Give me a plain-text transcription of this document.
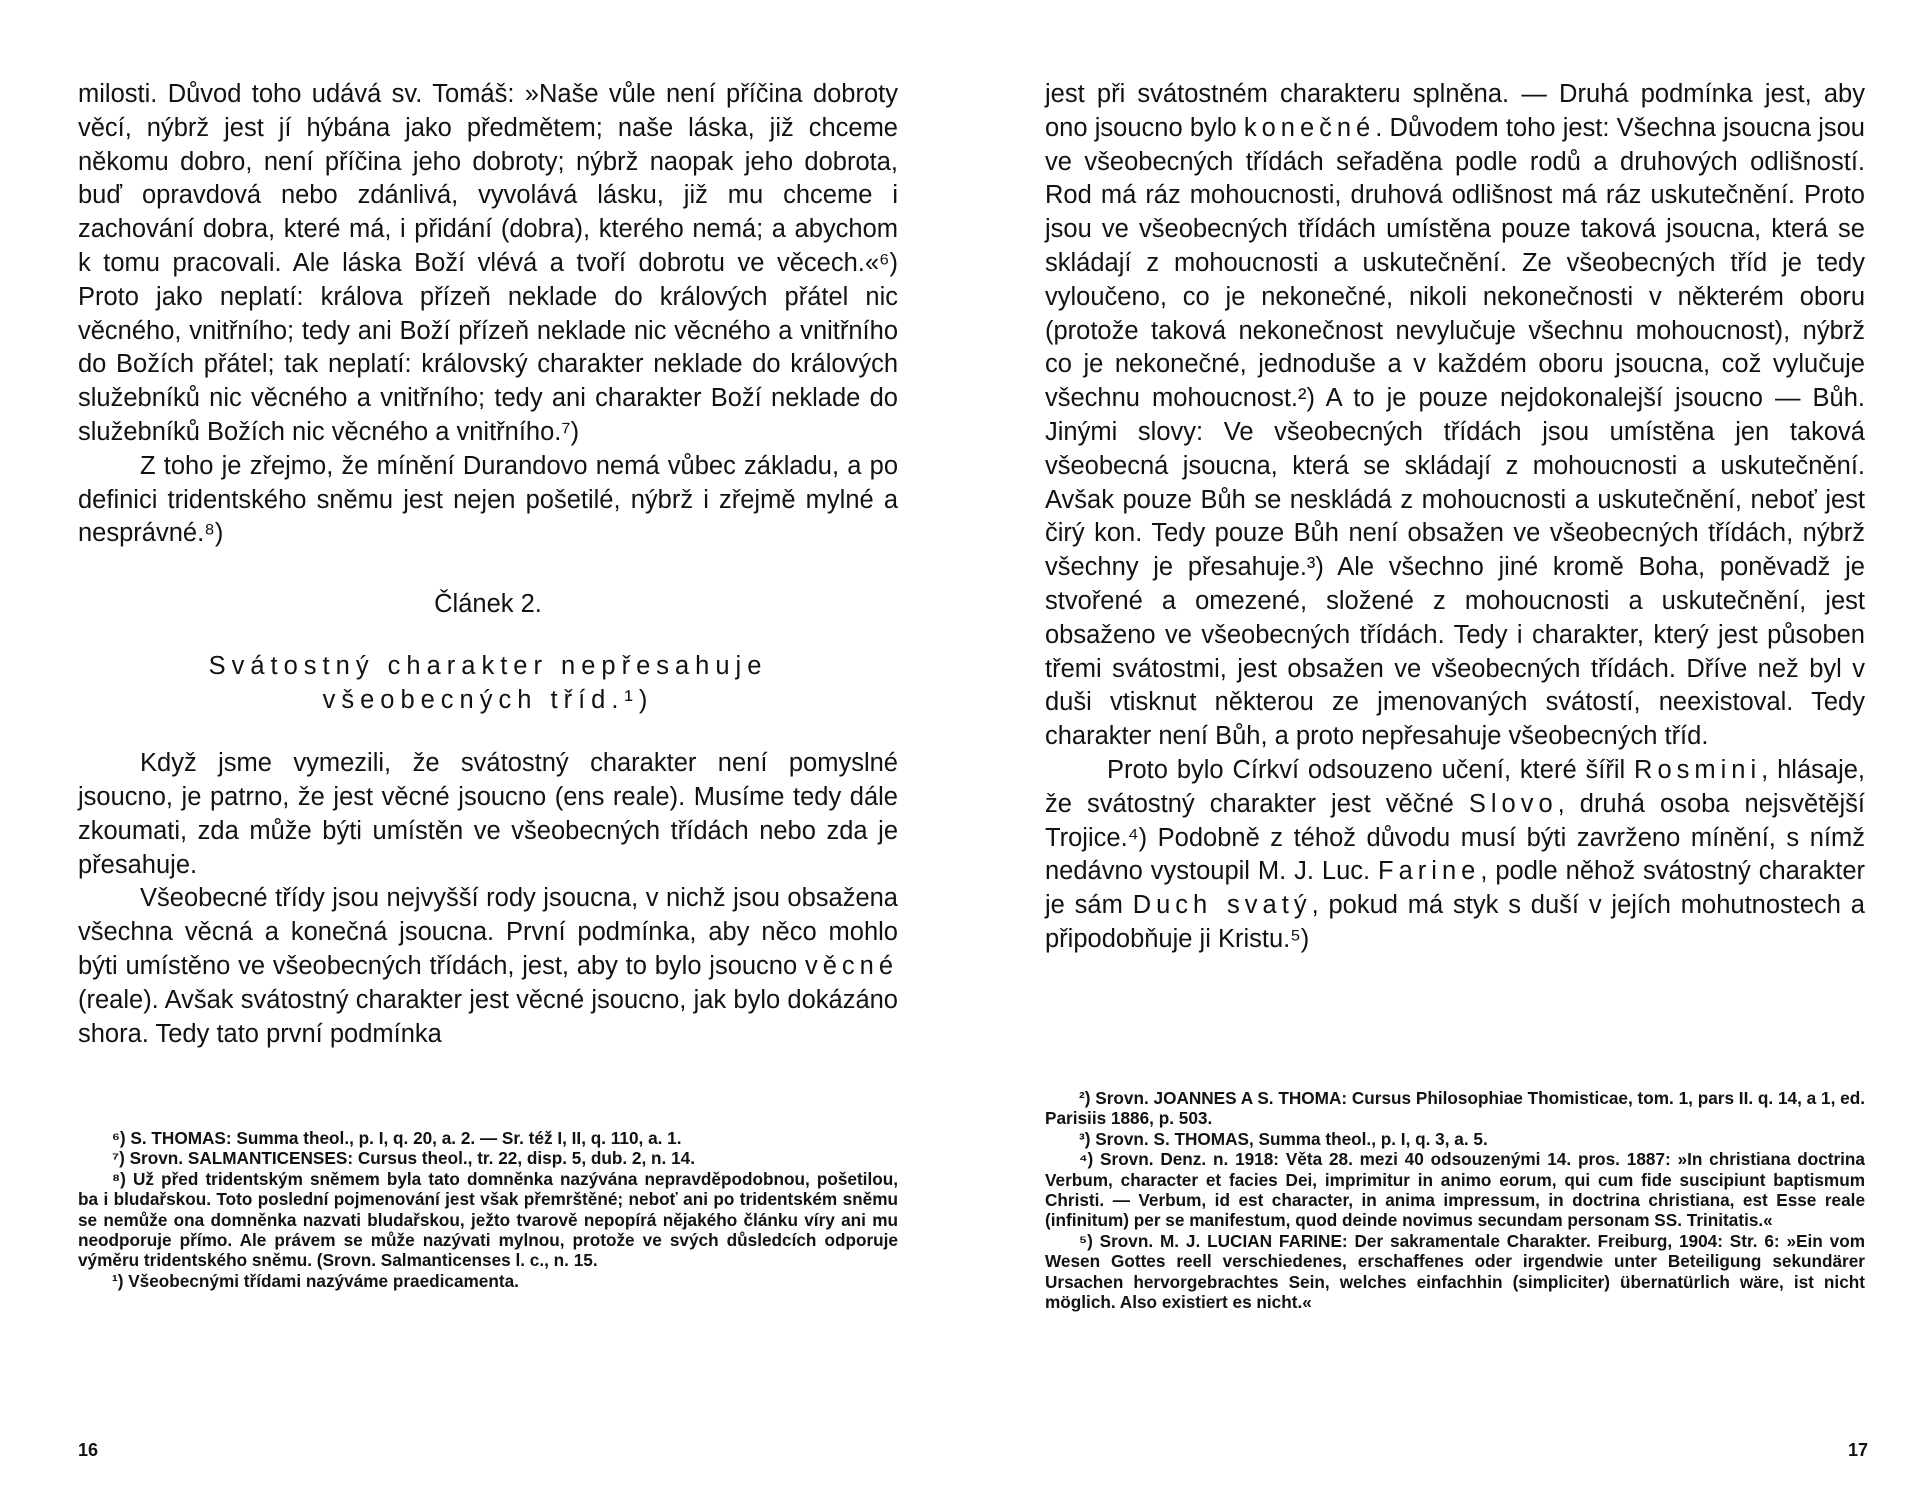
milosti. Důvod toho udává sv. Tomáš: »Naše vůle není příčina dobroty věcí, nýbrž jest jí hýbána jako předmětem; naše láska, již chceme někomu dobro, není příčina jeho dobroty; nýbrž naopak jeho dobrota, buď opravdová nebo zdánlivá, vyvolává lásku, již mu chceme i zachování dobra, které má, i přidání (dobra), kterého nemá; a abychom k tomu pracovali. Ale láska Boží vlévá a tvoří dobrotu ve věcech.«⁶) Proto jako neplatí: králova přízeň neklade do králových přátel nic věcného, vnitřního; tedy ani Boží přízeň neklade nic věcného a vnitřního do Božích přátel; tak neplatí: královský charakter neklade do králových služebníků nic věcného a vnitřního; tedy ani charakter Boží neklade do služebníků Božích nic věcného a vnitřního.⁷)

Z toho je zřejmo, že mínění Durandovo nemá vůbec základu, a po definici tridentského sněmu jest nejen pošetilé, nýbrž i zřejmě mylné a nesprávné.⁸)

Článek 2.
Svátostný charakter nepřesahuje
všeobecných tříd.¹)

Když jsme vymezili, že svátostný charakter není pomyslné jsoucno, je patrno, že jest věcné jsoucno (ens reale). Musíme tedy dále zkoumati, zda může býti umístěn ve všeobecných třídách nebo zda je přesahuje.

Všeobecné třídy jsou nejvyšší rody jsoucna, v nichž jsou obsažena všechna věcná a konečná jsoucna. První podmínka, aby něco mohlo býti umístěno ve všeobecných třídách, jest, aby to bylo jsoucno věcné (reale). Avšak svátostný charakter jest věcné jsoucno, jak bylo dokázáno shora. Tedy tato první podmínka

⁶) S. THOMAS: Summa theol., p. I, q. 20, a. 2. — Sr. též I, II, q. 110, a. 1.

⁷) Srovn. SALMANTICENSES: Cursus theol., tr. 22, disp. 5, dub. 2, n. 14.

⁸) Už před tridentským sněmem byla tato domněnka nazývána nepravděpodobnou, pošetilou, ba i bludařskou. Toto poslední pojmenování jest však přemrštěné; neboť ani po tridentském sněmu se nemůže ona domněnka nazvati bludařskou, ježto tvarově nepopírá nějakého článku víry ani mu neodporuje přímo. Ale právem se může nazývati mylnou, protože ve svých důsledcích odporuje výměru tridentského sněmu. (Srovn. Salmanticenses l. c., n. 15.

¹) Všeobecnými třídami nazýváme praedicamenta.

16

jest při svátostném charakteru splněna. — Druhá podmínka jest, aby ono jsoucno bylo konečné. Důvodem toho jest: Všechna jsoucna jsou ve všeobecných třídách seřaděna podle rodů a druhových odlišností. Rod má ráz mohoucnosti, druhová odlišnost má ráz uskutečnění. Proto jsou ve všeobecných třídách umístěna pouze taková jsoucna, která se skládají z mohoucnosti a uskutečnění. Ze všeobecných tříd je tedy vyloučeno, co je nekonečné, nikoli nekonečnosti v některém oboru (protože taková nekonečnost nevylučuje všechnu mohoucnost), nýbrž co je nekonečné, jednoduše a v každém oboru jsoucna, což vylučuje všechnu mohoucnost.²) A to je pouze nejdokonalejší jsoucno — Bůh. Jinými slovy: Ve všeobecných třídách jsou umístěna jen taková všeobecná jsoucna, která se skládají z mohoucnosti a uskutečnění. Avšak pouze Bůh se neskládá z mohoucnosti a uskutečnění, neboť jest čirý kon. Tedy pouze Bůh není obsažen ve všeobecných třídách, nýbrž všechny je přesahuje.³) Ale všechno jiné kromě Boha, poněvadž je stvořené a omezené, složené z mohoucnosti a uskutečnění, jest obsaženo ve všeobecných třídách. Tedy i charakter, který jest působen třemi svátostmi, jest obsažen ve všeobecných třídách. Dříve než byl v duši vtisknut některou ze jmenovaných svátostí, neexistoval. Tedy charakter není Bůh, a proto nepřesahuje všeobecných tříd.

Proto bylo Církví odsouzeno učení, které šířil Rosmini, hlásaje, že svátostný charakter jest věčné Slovo, druhá osoba nejsvětější Trojice.⁴) Podobně z téhož důvodu musí býti zavrženo mínění, s nímž nedávno vystoupil M. J. Luc. Farine, podle něhož svátostný charakter je sám Duch svatý, pokud má styk s duší v jejích mohutnostech a připodobňuje ji Kristu.⁵)

²) Srovn. JOANNES A S. THOMA: Cursus Philosophiae Thomisticae, tom. 1, pars II. q. 14, a 1, ed. Parisiis 1886, p. 503.

³) Srovn. S. THOMAS, Summa theol., p. I, q. 3, a. 5.

⁴) Srovn. Denz. n. 1918: Věta 28. mezi 40 odsouzenými 14. pros. 1887: »In christiana doctrina Verbum, character et facies Dei, imprimitur in animo eorum, qui cum fide suscipiunt baptismum Christi. — Verbum, id est character, in anima impressum, in doctrina christiana, est Esse reale (infinitum) per se manifestum, quod deinde novimus secundam personam SS. Trinitatis.«

⁵) Srovn. M. J. LUCIAN FARINE: Der sakramentale Charakter. Freiburg, 1904: Str. 6: »Ein vom Wesen Gottes reell verschiedenes, erschaffenes oder irgendwie unter Beteiligung sekundärer Ursachen hervorgebrachtes Sein, welches einfachhin (simpliciter) übernatürlich wäre, ist nicht möglich. Also existiert es nicht.«

17
